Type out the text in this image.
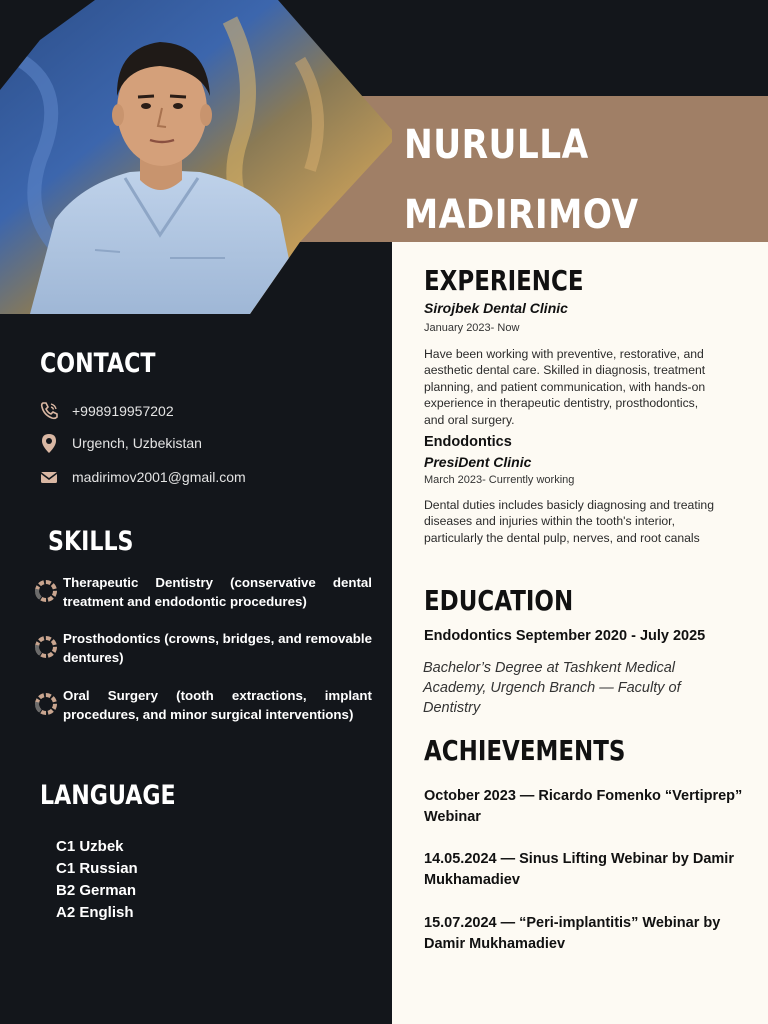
NURULLA
MADIRIMOV
CONTACT
+998919957202
Urgench, Uzbekistan
madirimov2001@gmail.com
SKILLS
Therapeutic Dentistry (conservative dental treatment and endodontic procedures)
Prosthodontics (crowns, bridges, and removable dentures)
Oral Surgery (tooth extractions, implant procedures, and minor surgical interventions)
LANGUAGE
C1 Uzbek
C1 Russian
B2 German
A2 English
EXPERIENCE
Sirojbek Dental Clinic
January 2023- Now
Have been working with preventive, restorative, and aesthetic dental care. Skilled in diagnosis, treatment planning, and patient communication, with hands-on experience in therapeutic dentistry, prosthodontics, and oral surgery.
Endodontics
PresiDent Clinic
March 2023- Currently working
Dental duties includes basicly diagnosing and treating diseases and injuries within the tooth's interior, particularly the dental pulp, nerves, and root canals
EDUCATION
Endodontics September 2020 - July 2025
Bachelor’s Degree at Tashkent Medical Academy, Urgench Branch — Faculty of Dentistry
ACHIEVEMENTS
October 2023 — Ricardo Fomenko “Vertiprep” Webinar
14.05.2024 — Sinus Lifting Webinar by Damir Mukhamadiev
15.07.2024 — “Peri-implantitis” Webinar by Damir Mukhamadiev
